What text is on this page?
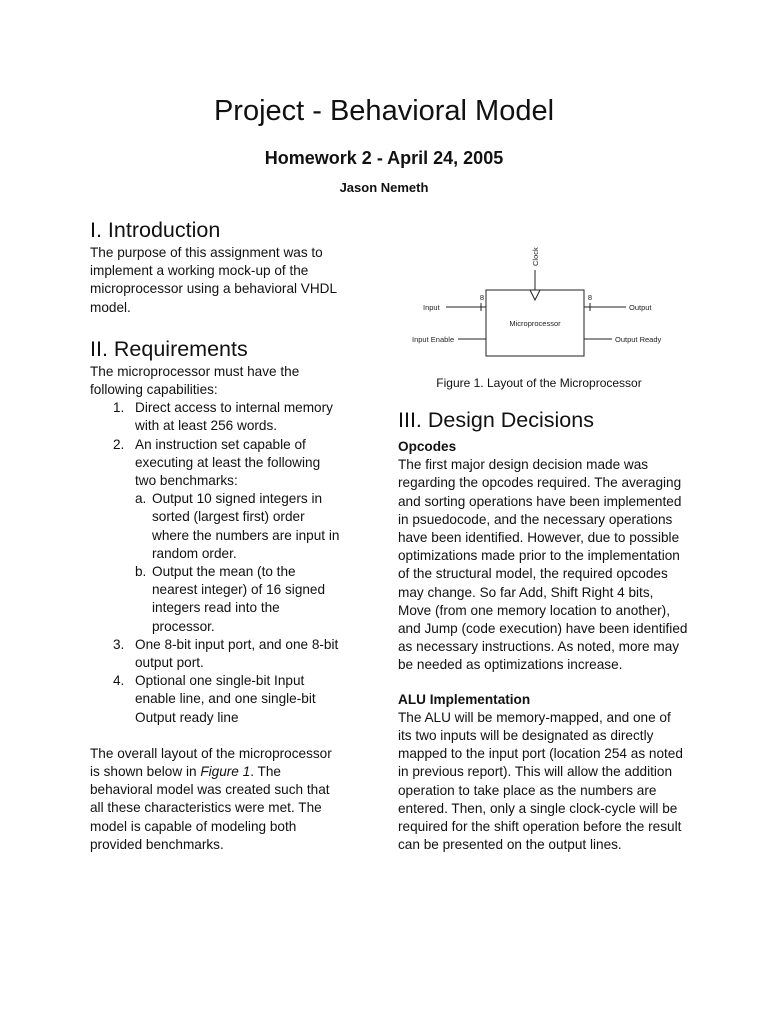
Project - Behavioral Model
Homework 2 - April 24, 2005

Jason Nemeth

I. Introduction

The purpose of this assignment was to implement a working mock-up of the microprocessor using a behavioral VHDL model.

II. Requirements

The microprocessor must have the following capabilities:

1. Direct access to internal memory with at least 256 words.
2. An instruction set capable of executing at least the following two benchmarks:
a. Output 10 signed integers in sorted (largest first) order where the numbers are input in random order.
b. Output the mean (to the nearest integer) of 16 signed integers read into the processor.
3. One 8-bit input port, and one 8-bit output port.
4. Optional one single-bit Input enable line, and one single-bit Output ready line

The overall layout of the microprocessor is shown below in Figure 1. The behavioral model was created such that all these characteristics were met. The model is capable of modeling both provided benchmarks.

Microprocessor
Clock
8
Input
8
Output
Input Enable	Output Ready

Figure 1. Layout of the Microprocessor

III. Design Decisions

Opcodes

The first major design decision made was regarding the opcodes required. The averaging and sorting operations have been implemented in psuedocode, and the necessary operations have been identified. However, due to possible optimizations made prior to the implementation of the structural model, the required opcodes may change. So far Add, Shift Right 4 bits, Move (from one memory location to another), and Jump (code execution) have been identified as necessary instructions. As noted, more may be needed as optimizations increase.

ALU Implementation

The ALU will be memory-mapped, and one of its two inputs will be designated as directly mapped to the input port (location 254 as noted in previous report). This will allow the addition operation to take place as the numbers are entered. Then, only a single clock-cycle will be required for the shift operation before the result can be presented on the output lines.
